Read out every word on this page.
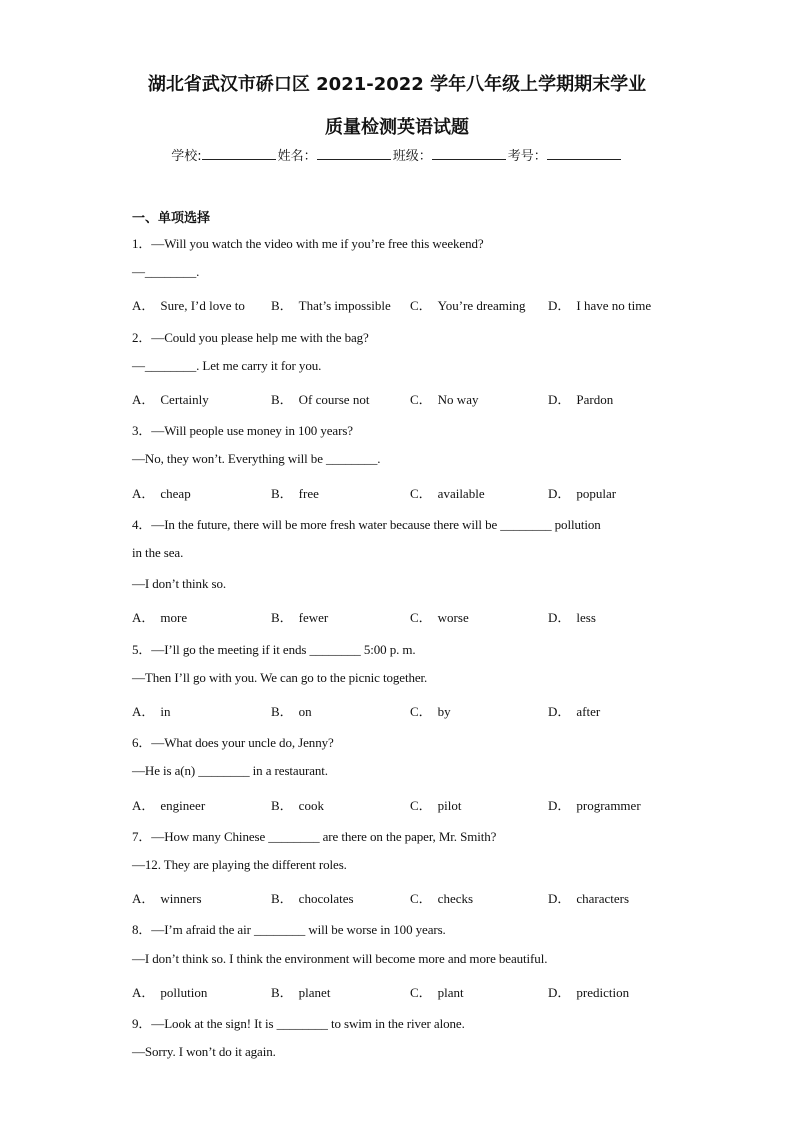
湖北省武汉市硚口区 2021-2022 学年八年级上学期期末学业
质量检测英语试题
学校:	姓名：	班级：	考号：
一、单项选择
1．—Will you watch the video with me if you’re free this weekend?
—________.
A． Sure, I’d love to B． That’s impossible C． You’re dreaming D． I have no time
2．—Could you please help me with the bag?
—________. Let me carry it for you.
A． Certainly	B． Of course not	C． No way	D． Pardon
3．—Will people use money in 100 years?
—No, they won’t. Everything will be ________.
A． cheap	B． free	C． available	D． popular
4．—In the future, there will be more fresh water because there will be ________ pollution
in the sea.
—I don’t think so.
A． more	B． fewer	C． worse	D． less
5．—I’ll go the meeting if it ends ________ 5:00 p. m.
—Then I’ll go with you. We can go to the picnic together.
A． in	B． on	C． by	D． after
6．—What does your uncle do, Jenny?
—He is a(n) ________ in a restaurant.
A． engineer	B． cook	C． pilot	D． programmer
7．—How many Chinese ________ are there on the paper, Mr. Smith?
—12. They are playing the different roles.
A． winners	B． chocolates	C． checks	D． characters
8．—I’m afraid the air ________ will be worse in 100 years.
—I don’t think so. I think the environment will become more and more beautiful.
A． pollution	B． planet	C． plant	D． prediction
9．—Look at the sign! It is ________ to swim in the river alone.
—Sorry. I won’t do it again.
